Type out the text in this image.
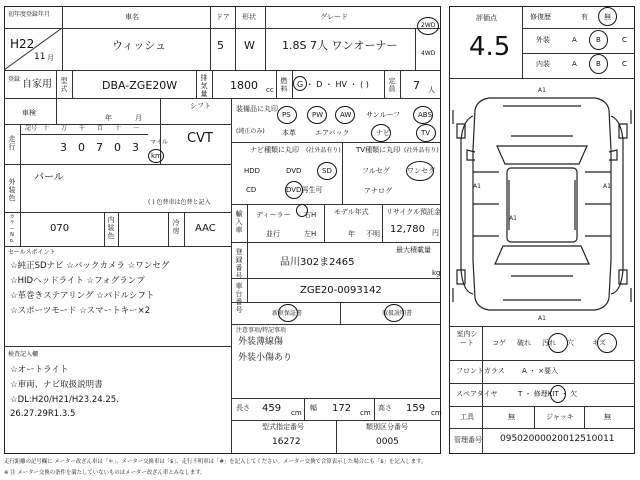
初年度登録年月
H22
11 月
車名
ウィッシュ
ドア
5
形状
W
グレード
1.8S 7人 ワンオーナー
2WD
4WD
登録 自家用 型式	DBA-ZGE20W
排気量
1800 cc
燃料 G ・ D ・ HV ・ ( )	定員 7 人
車検
年	月
シフト
CVT
走行
記号 十 万 千 百 十 一
3 0 7 0 3 マイル
km
外装色
パール
( ) 色替車は色替と記入
カラーNo.
070
内装色
冷房 AAC
セールスポイント
☆純正SDナビ ☆バックカメラ ☆ワンセグ
☆HIDヘッドライト ☆フォグランプ
☆革巻きステアリング ☆パドルシフト
☆スポーツモード ☆スマートキー×2
検査記入欄
☆オートライト
☆車両、ナビ取扱説明書
☆DL:H20/H21/H23.24.25.
26.27.29R1.3.5
装備品に丸印
(純正のみ)
PS	PW AW サンルーフ	ABS
本革	エアバック	ナビ	TV
ナビ種類に丸印 (社外品有り) TV種類に丸印 (社外品有り)
HDD	DVD	SD
CD	DVD再生可
フルセグ ワンセグ
アナログ
輸入車
ディーラー 右H
並行	左H
モデル年式
年 不明
リサイクル預託金
12,780 円
登録番号
最大積載量
品川302ま2465
kg
車台番号
ZGE20-0093142
新車保証書	取扱説明書
注意事項/特記事項
外装薄線傷
外装小傷あり
長さ 459 cm
幅 172 cm
高さ 159 cm
型式指定番号
16272
類別区分番号
0005
評価点
4.5
修復歴	有 無
外装	A	B	C
内装	A	B	C
A1
A1	A1
A1
A1
室内シート	コゲ 破れ 汚れ 穴	キズ
フロントガラス A ・ ×要入
スペアタイヤ	T ・ 修理KIT ・ 欠
工具	無	ジャッキ	無
管理番号 09502000020012510011
走行距離の記号欄に メーター改ざん車は「＊」、メーター交換車は「$」、走行不明車は「#」を記入してください。メーター交換で合算表示した場合にも「$」を記入します。
※ 注 メーター交換の条件を満たしていないものはメーター改ざん車とみなします。
